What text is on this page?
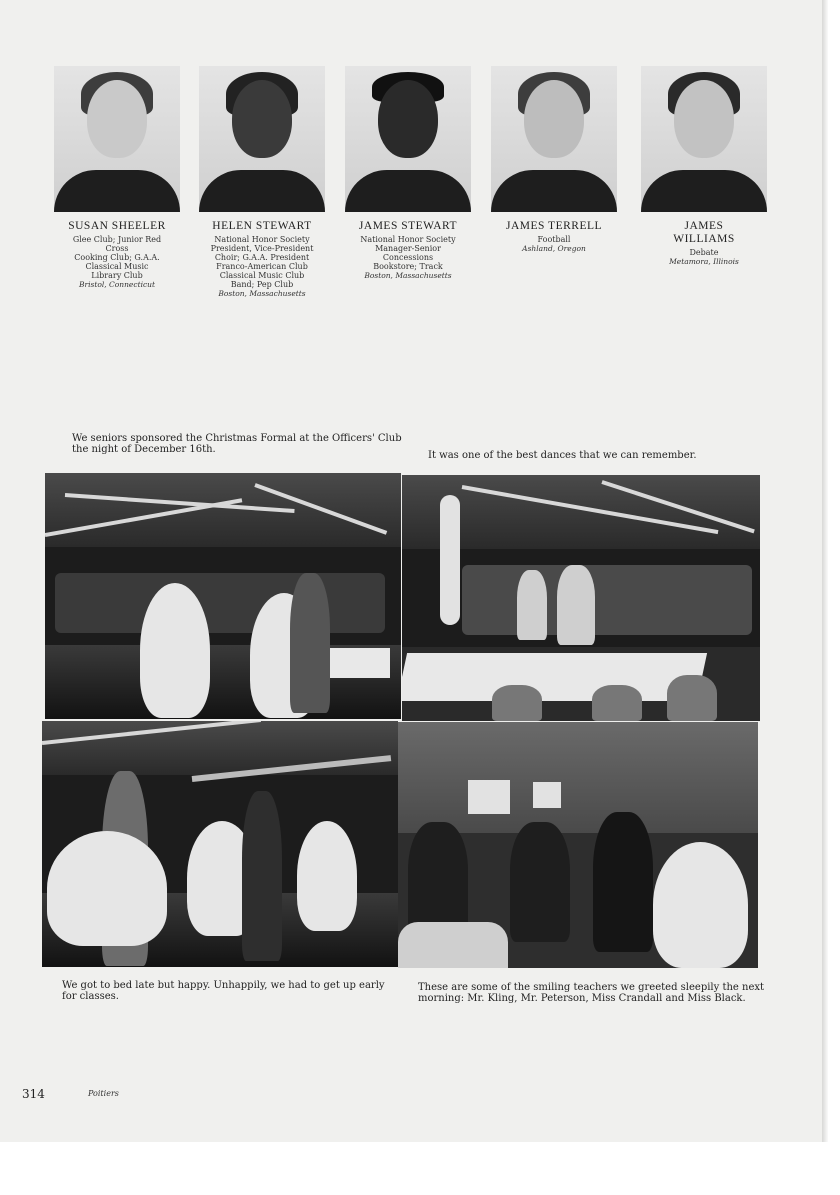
SUSAN SHEELER
Glee Club; Junior Red
Cross
Cooking Club; G.A.A.
Classical Music
Library Club
Bristol, Connecticut
HELEN STEWART
National Honor Society
President, Vice-President
Choir; G.A.A. President
Franco-American Club
Classical Music Club
Band; Pep Club
Boston, Massachusetts
JAMES STEWART
National Honor Society
Manager-Senior
Concessions
Bookstore; Track
Boston, Massachusetts
JAMES TERRELL
Football
Ashland, Oregon
JAMES WILLIAMS
Debate
Metamora, Illinois
We seniors sponsored the Christmas Formal at the Officers' Club the night of December 16th.
It was one of the best dances that we can remember.
We got to bed late but happy. Unhappily, we had to get up early for classes.
These are some of the smiling teachers we greeted sleepily the next morning: Mr. Kling, Mr. Peterson, Miss Crandall and Miss Black.
314	Poitiers
